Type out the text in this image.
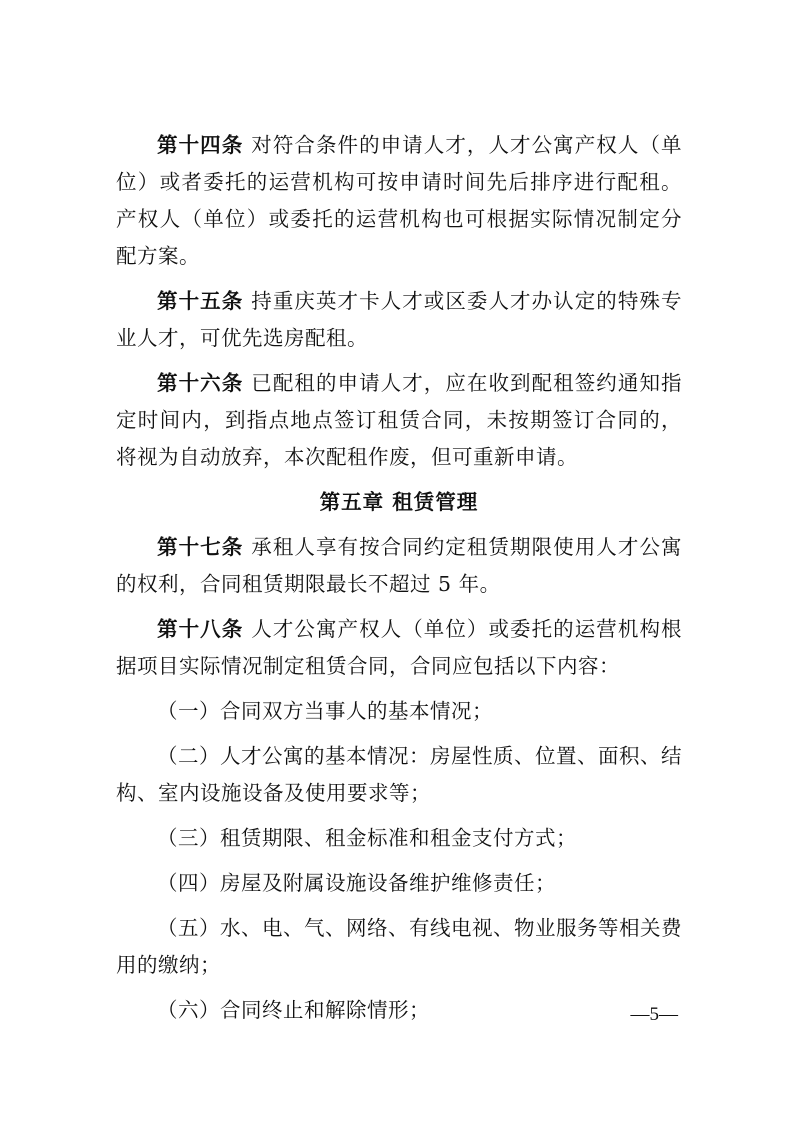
第十四条 对符合条件的申请人才，人才公寓产权人（单位）或者委托的运营机构可按申请时间先后排序进行配租。产权人（单位）或委托的运营机构也可根据实际情况制定分配方案。

第十五条 持重庆英才卡人才或区委人才办认定的特殊专业人才，可优先选房配租。

第十六条 已配租的申请人才，应在收到配租签约通知指定时间内，到指点地点签订租赁合同，未按期签订合同的，将视为自动放弃，本次配租作废，但可重新申请。

第五章 租赁管理

第十七条 承租人享有按合同约定租赁期限使用人才公寓的权利，合同租赁期限最长不超过 5 年。

第十八条 人才公寓产权人（单位）或委托的运营机构根据项目实际情况制定租赁合同，合同应包括以下内容：

（一）合同双方当事人的基本情况；

（二）人才公寓的基本情况：房屋性质、位置、面积、结构、室内设施设备及使用要求等；

（三）租赁期限、租金标准和租金支付方式；

（四）房屋及附属设施设备维护维修责任；

（五）水、电、气、网络、有线电视、物业服务等相关费用的缴纳；

（六）合同终止和解除情形；	—5—
